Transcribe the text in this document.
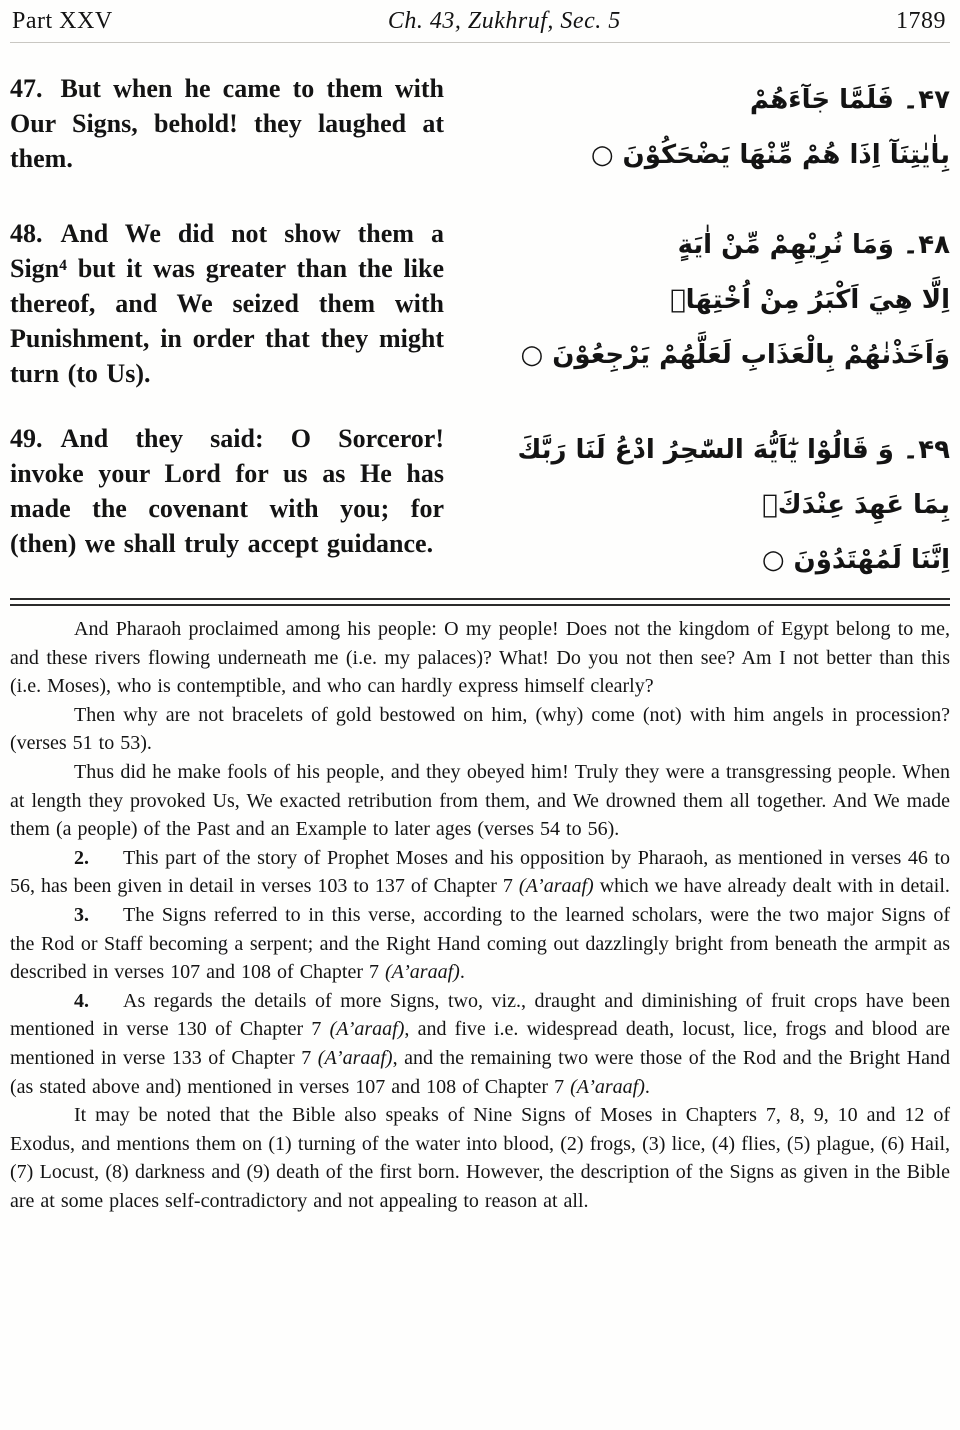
Part XXV	Ch. 43, Zukhruf, Sec. 5	1789
47. But when he came to them with Our Signs, behold! they laughed at them.
۴۷۔ فَلَمَّا جَآءَهُمْ
بِاٰيٰتِنَآ اِذَا هُمْ مِّنْهَا يَضْحَكُوْنَ ○
48. And We did not show them a Sign⁴ but it was greater than the like thereof, and We seized them with Punishment, in order that they might turn (to Us).
۴۸۔ وَمَا نُرِيْهِمْ مِّنْ اٰيَةٍ
اِلَّا هِيَ اَكْبَرُ مِنْ اُخْتِهَاۚ
وَاَخَذْنٰهُمْ بِالْعَذَابِ لَعَلَّهُمْ يَرْجِعُوْنَ ○
49. And they said: O Sorceror! invoke your Lord for us as He has made the covenant with you; for (then) we shall truly accept guidance.
۴۹۔ وَ قَالُوْا يٰٓاَيُّهَ السّٰحِرُ ادْعُ لَنَا رَبَّكَ
بِمَا عَهِدَ عِنْدَكَۚ
اِنَّنَا لَمُهْتَدُوْنَ ○

And Pharaoh proclaimed among his people: O my people! Does not the kingdom of Egypt belong to me, and these rivers flowing underneath me (i.e. my palaces)? What! Do you not then see? Am I not better than this (i.e. Moses), who is contemptible, and who can hardly express himself clearly?

Then why are not bracelets of gold bestowed on him, (why) come (not) with him angels in procession? (verses 51 to 53).

Thus did he make fools of his people, and they obeyed him! Truly they were a transgressing people. When at length they provoked Us, We exacted retribution from them, and We drowned them all together. And We made them (a people) of the Past and an Example to later ages (verses 54 to 56).

2. This part of the story of Prophet Moses and his opposition by Pharaoh, as mentioned in verses 46 to 56, has been given in detail in verses 103 to 137 of Chapter 7 (A’araaf) which we have already dealt with in detail.

3. The Signs referred to in this verse, according to the learned scholars, were the two major Signs of the Rod or Staff becoming a serpent; and the Right Hand coming out dazzlingly bright from beneath the armpit as described in verses 107 and 108 of Chapter 7 (A’araaf).

4. As regards the details of more Signs, two, viz., draught and diminishing of fruit crops have been mentioned in verse 130 of Chapter 7 (A’araaf), and five i.e. widespread death, locust, lice, frogs and blood are mentioned in verse 133 of Chapter 7 (A’araaf), and the remaining two were those of the Rod and the Bright Hand (as stated above and) mentioned in verses 107 and 108 of Chapter 7 (A’araaf).

It may be noted that the Bible also speaks of Nine Signs of Moses in Chapters 7, 8, 9, 10 and 12 of Exodus, and mentions them on (1) turning of the water into blood, (2) frogs, (3) lice, (4) flies, (5) plague, (6) Hail, (7) Locust, (8) darkness and (9) death of the first born. However, the description of the Signs as given in the Bible are at some places self-contradictory and not appealing to reason at all.
